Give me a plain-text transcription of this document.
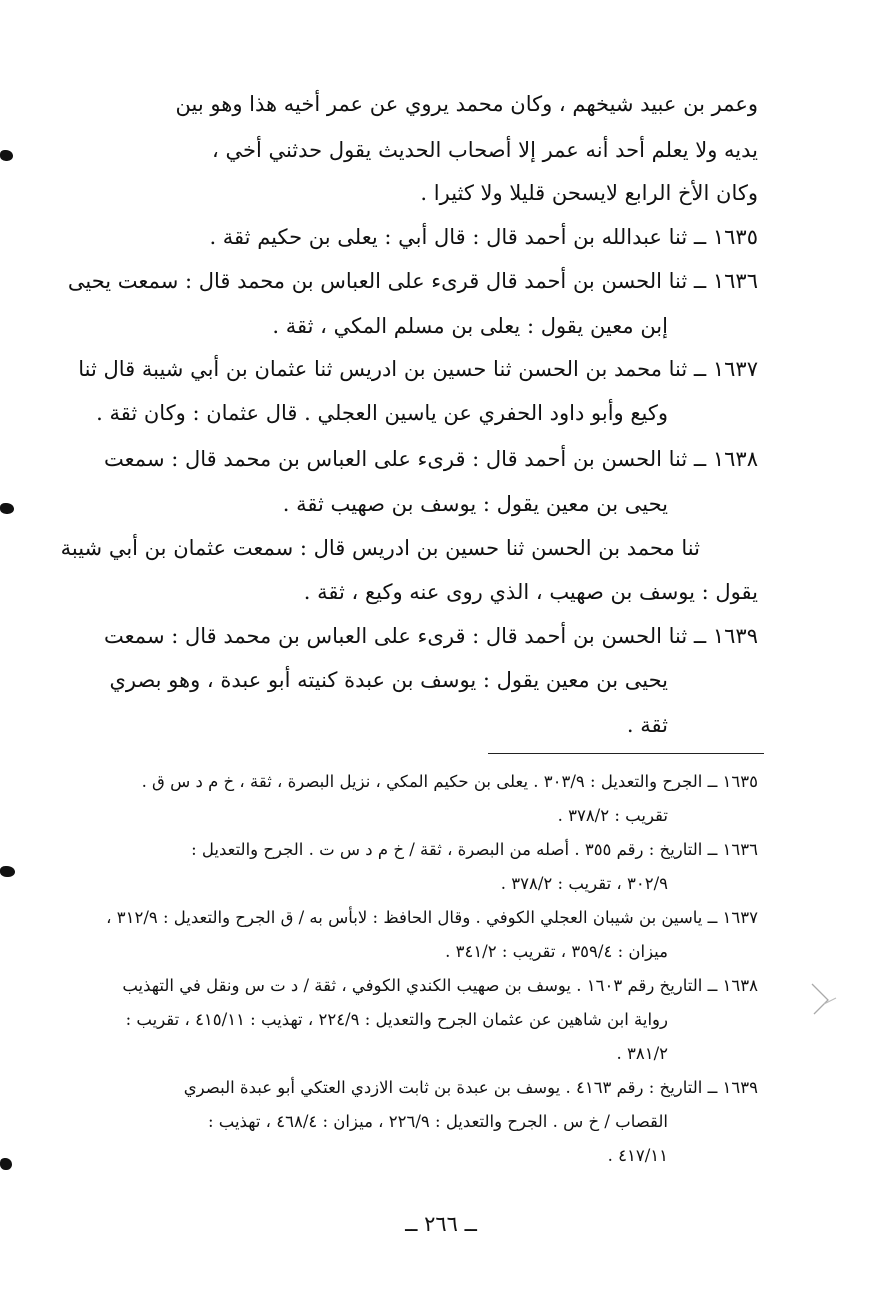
وعمر بن عبيد شيخهم ، وكان محمد يروي عن عمر أخيه هذا وهو بين
يديه ولا يعلم أحد أنه عمر إلا أصحاب الحديث يقول حدثني أخي ،
وكان الأخ الرابع لايسحن قليلا ولا كثيرا .
١٦٣٥ ــ ثنا عبدالله بن أحمد قال : قال أبي : يعلى بن حكيم ثقة .
١٦٣٦ ــ ثنا الحسن بن أحمد قال قرىء على العباس بن محمد قال : سمعت يحيى
إبن معين يقول : يعلى بن مسلم المكي ، ثقة .
١٦٣٧ ــ ثنا محمد بن الحسن ثنا حسين بن ادريس ثنا عثمان بن أبي شيبة قال ثنا
وكيع وأبو داود الحفري عن ياسين العجلي . قال عثمان : وكان ثقة .
١٦٣٨ ــ ثنا الحسن بن أحمد قال : قرىء على العباس بن محمد قال : سمعت
يحيى بن معين يقول : يوسف بن صهيب ثقة .
ثنا محمد بن الحسن ثنا حسين بن ادريس قال : سمعت عثمان بن أبي شيبة
يقول : يوسف بن صهيب ، الذي روى عنه وكيع ، ثقة .
١٦٣٩ ــ ثنا الحسن بن أحمد قال : قرىء على العباس بن محمد قال : سمعت
يحيى بن معين يقول : يوسف بن عبدة كنيته أبو عبدة ، وهو بصري
ثقة .
١٦٣٥ ــ الجرح والتعديل : ٣٠٣/٩ . يعلى بن حكيم المكي ، نزيل البصرة ، ثقة ، خ م د س ق .
تقريب : ٣٧٨/٢ .
١٦٣٦ ــ التاريخ : رقم ٣٥٥ . أصله من البصرة ، ثقة / خ م د س ت . الجرح والتعديل :
٣٠٢/٩ ، تقريب : ٣٧٨/٢ .
١٦٣٧ ــ ياسين بن شيبان العجلي الكوفي . وقال الحافظ : لابأس به / ق الجرح والتعديل : ٣١٢/٩ ،
ميزان : ٣٥٩/٤ ، تقريب : ٣٤١/٢ .
١٦٣٨ ــ التاريخ رقم ١٦٠٣ . يوسف بن صهيب الكندي الكوفي ، ثقة / د ت س ونقل في التهذيب
رواية ابن شاهين عن عثمان الجرح والتعديل : ٢٢٤/٩ ، تهذيب : ٤١٥/١١ ، تقريب :
٣٨١/٢ .
١٦٣٩ ــ التاريخ : رقم ٤١٦٣ . يوسف بن عبدة بن ثابت الازدي العتكي أبو عبدة البصري
القصاب / خ س . الجرح والتعديل : ٢٢٦/٩ ، ميزان : ٤٦٨/٤ ، تهذيب :
٤١٧/١١ .
ــ ٢٦٦ ــ
